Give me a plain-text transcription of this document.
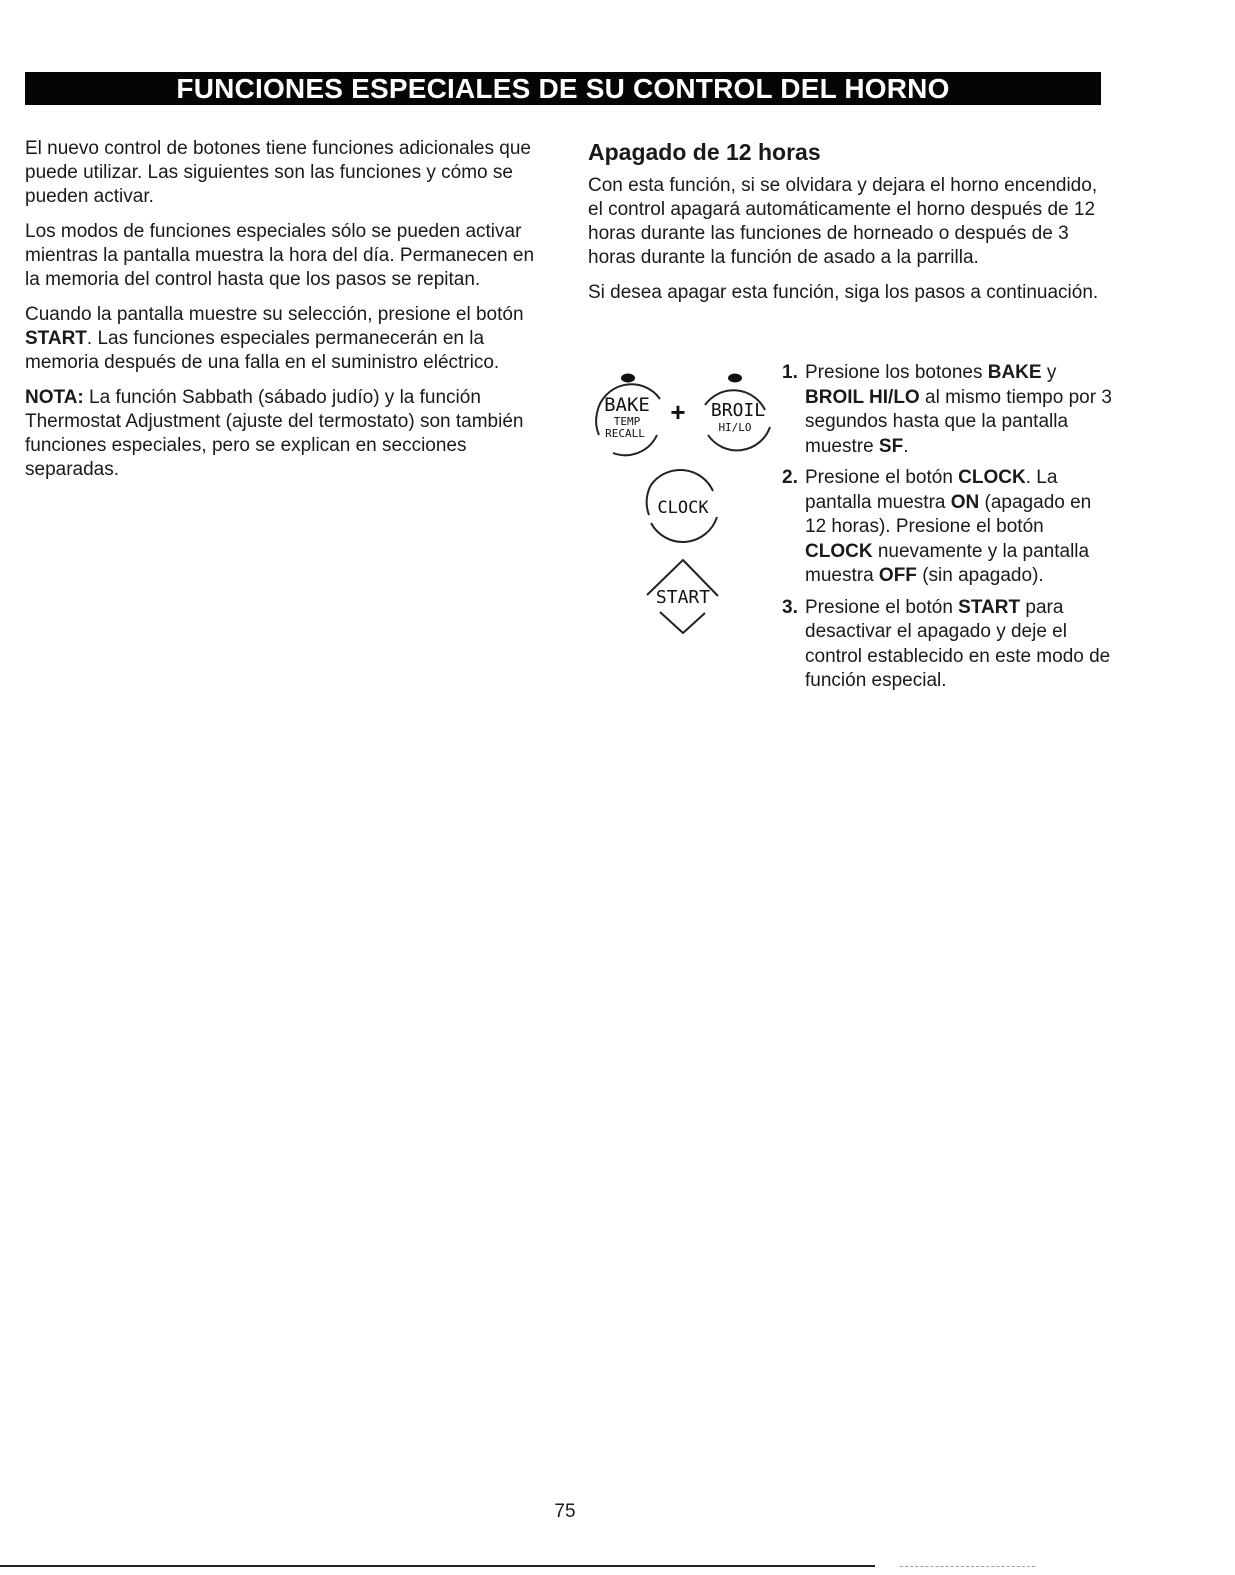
FUNCIONES ESPECIALES DE SU CONTROL DEL HORNO

El nuevo control de botones tiene funciones adicionales que puede utilizar. Las siguientes son las funciones y cómo se pueden activar.

Los modos de funciones especiales sólo se pueden activar mientras la pantalla muestra la hora del día. Permanecen en la memoria del control hasta que los pasos se repitan.

Cuando la pantalla muestre su selección, presione el botón START. Las funciones especiales permanecerán en la memoria después de una falla en el suministro eléctrico.

NOTA: La función Sabbath (sábado judío) y la función Thermostat Adjustment (ajuste del termostato) son también funciones especiales, pero se explican en secciones separadas.

Apagado de 12 horas

Con esta función, si se olvidara y dejara el horno encendido, el control apagará automáticamente el horno después de 12 horas durante las funciones de horneado o después de 3 horas durante la función de asado a la parrilla.

Si desea apagar esta función, siga los pasos a continuación.

BAKE
TEMP
RECALL
+ BROIL
HI/LO
CLOCK
START
1. Presione los botones BAKE y BROIL HI/LO al mismo tiempo por 3 segundos hasta que la pantalla muestre SF.
2. Presione el botón CLOCK. La pantalla muestra ON (apagado en 12 horas). Presione el botón CLOCK nuevamente y la pantalla muestra OFF (sin apagado).
3. Presione el botón START para desactivar el apagado y deje el control establecido en este modo de función especial.
75
